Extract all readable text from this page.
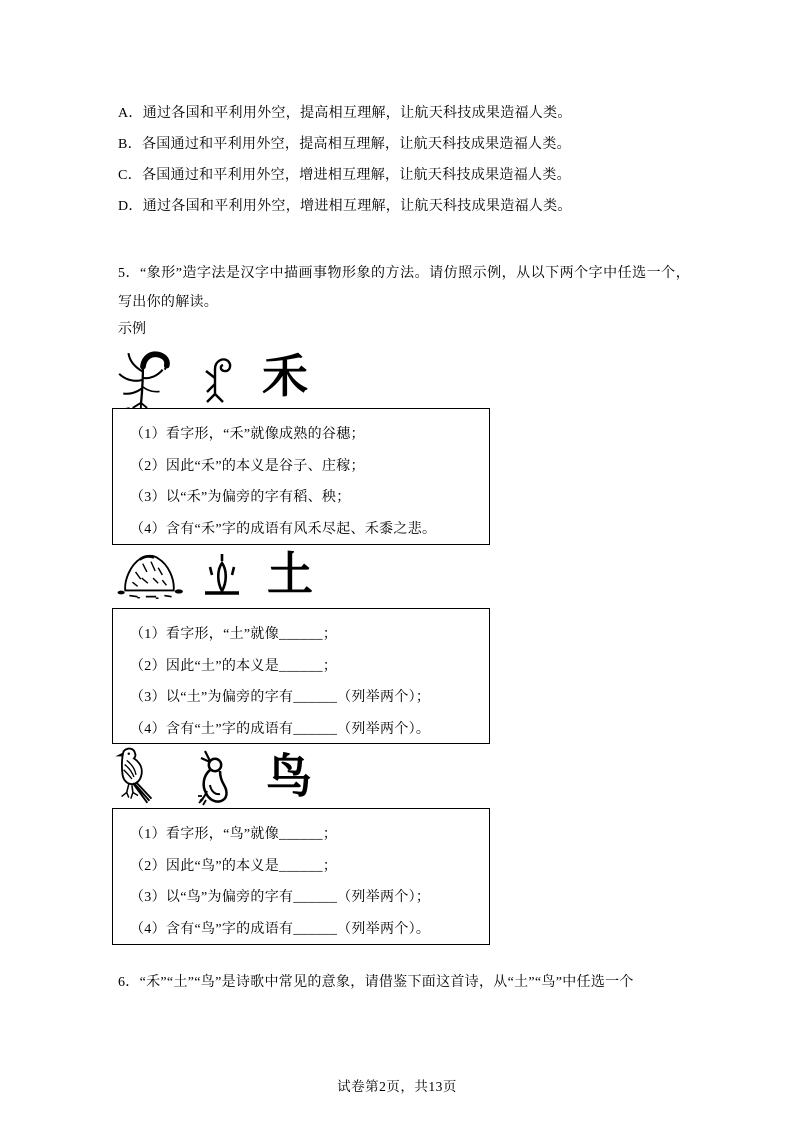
A．通过各国和平利用外空，提高相互理解，让航天科技成果造福人类。
B．各国通过和平利用外空，提高相互理解，让航天科技成果造福人类。
C．各国通过和平利用外空，增进相互理解，让航天科技成果造福人类。
D．通过各国和平利用外空，增进相互理解，让航天科技成果造福人类。
5．“象形”造字法是汉字中描画事物形象的方法。请仿照示例，从以下两个字中任选一个，写出你的解读。
示例
禾
（1）看字形，“禾”就像成熟的谷穗；
（2）因此“禾”的本义是谷子、庄稼；
（3）以“禾”为偏旁的字有稻、秧；
（4）含有“禾”字的成语有风禾尽起、禾黍之悲。
土
（1）看字形，“土”就像______；
（2）因此“土”的本义是______；
（3）以“土”为偏旁的字有______（列举两个）；
（4）含有“土”字的成语有______（列举两个）。
鸟
（1）看字形，“鸟”就像______；
（2）因此“鸟”的本义是______；
（3）以“鸟”为偏旁的字有______（列举两个）；
（4）含有“鸟”字的成语有______（列举两个）。
6．“禾”“土”“鸟”是诗歌中常见的意象，请借鉴下面这首诗，从“土”“鸟”中任选一个
试卷第2页，共13页
